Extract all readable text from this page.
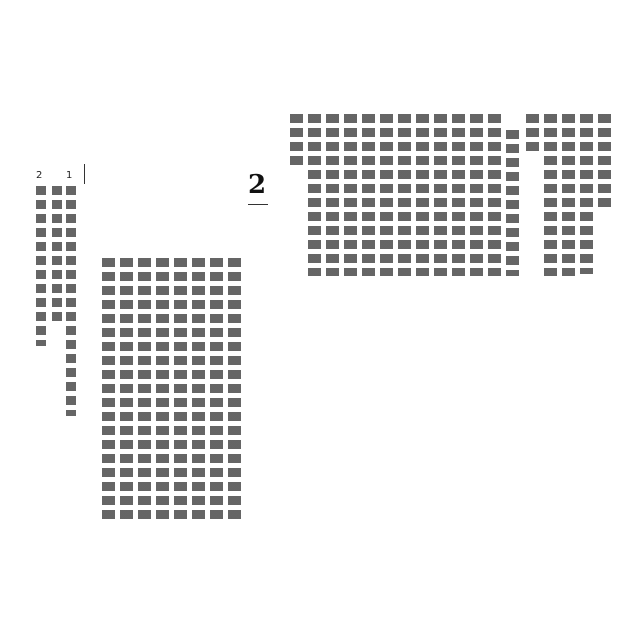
2
1
2
